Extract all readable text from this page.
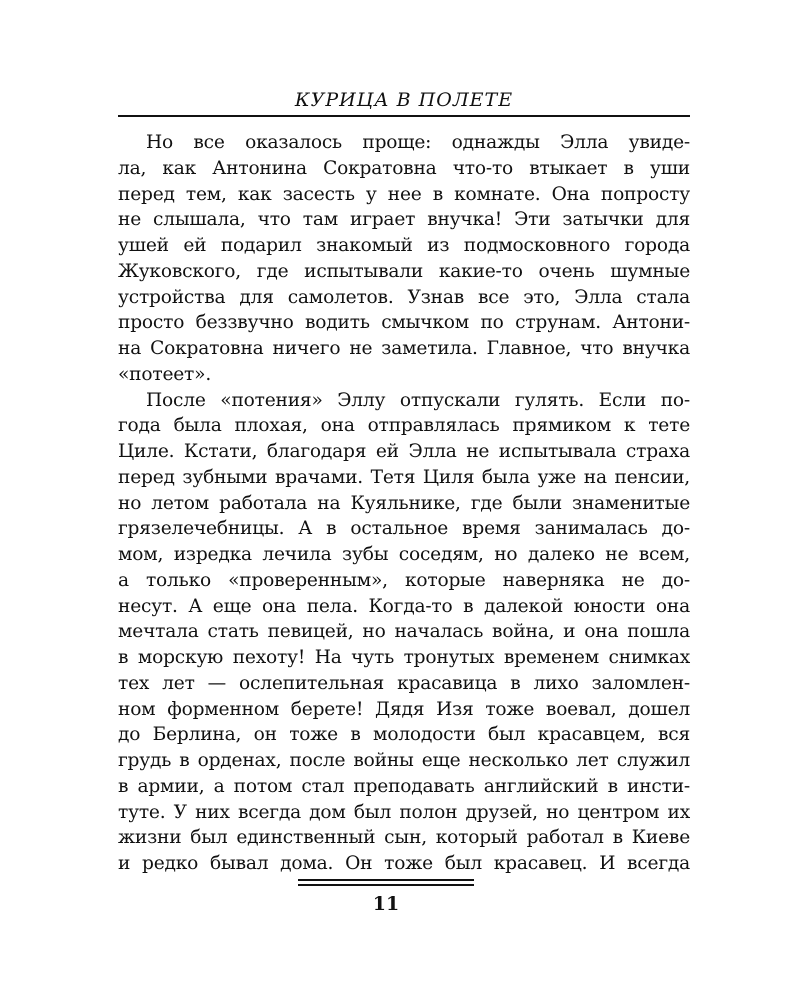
КУРИЦА В ПОЛЕТЕ
Но все оказалось проще: однажды Элла увиде-
ла, как Антонина Сократовна что-то втыкает в уши
перед тем, как засесть у нее в комнате. Она попросту
не слышала, что там играет внучка! Эти затычки для
ушей ей подарил знакомый из подмосковного города
Жуковского, где испытывали какие-то очень шумные
устройства для самолетов. Узнав все это, Элла стала
просто беззвучно водить смычком по струнам. Антони-
на Сократовна ничего не заметила. Главное, что внучка
«потеет».
После «потения» Эллу отпускали гулять. Если по-
года была плохая, она отправлялась прямиком к тете
Циле. Кстати, благодаря ей Элла не испытывала страха
перед зубными врачами. Тетя Циля была уже на пенсии,
но летом работала на Куяльнике, где были знаменитые
грязелечебницы. А в остальное время занималась до-
мом, изредка лечила зубы соседям, но далеко не всем,
а только «проверенным», которые наверняка не до-
несут. А еще она пела. Когда-то в далекой юности она
мечтала стать певицей, но началась война, и она пошла
в морскую пехоту! На чуть тронутых временем снимках
тех лет — ослепительная красавица в лихо заломлен-
ном форменном берете! Дядя Изя тоже воевал, дошел
до Берлина, он тоже в молодости был красавцем, вся
грудь в орденах, после войны еще несколько лет служил
в армии, а потом стал преподавать английский в инсти-
туте. У них всегда дом был полон друзей, но центром их
жизни был единственный сын, который работал в Киеве
и редко бывал дома. Он тоже был красавец. И всегда
11
